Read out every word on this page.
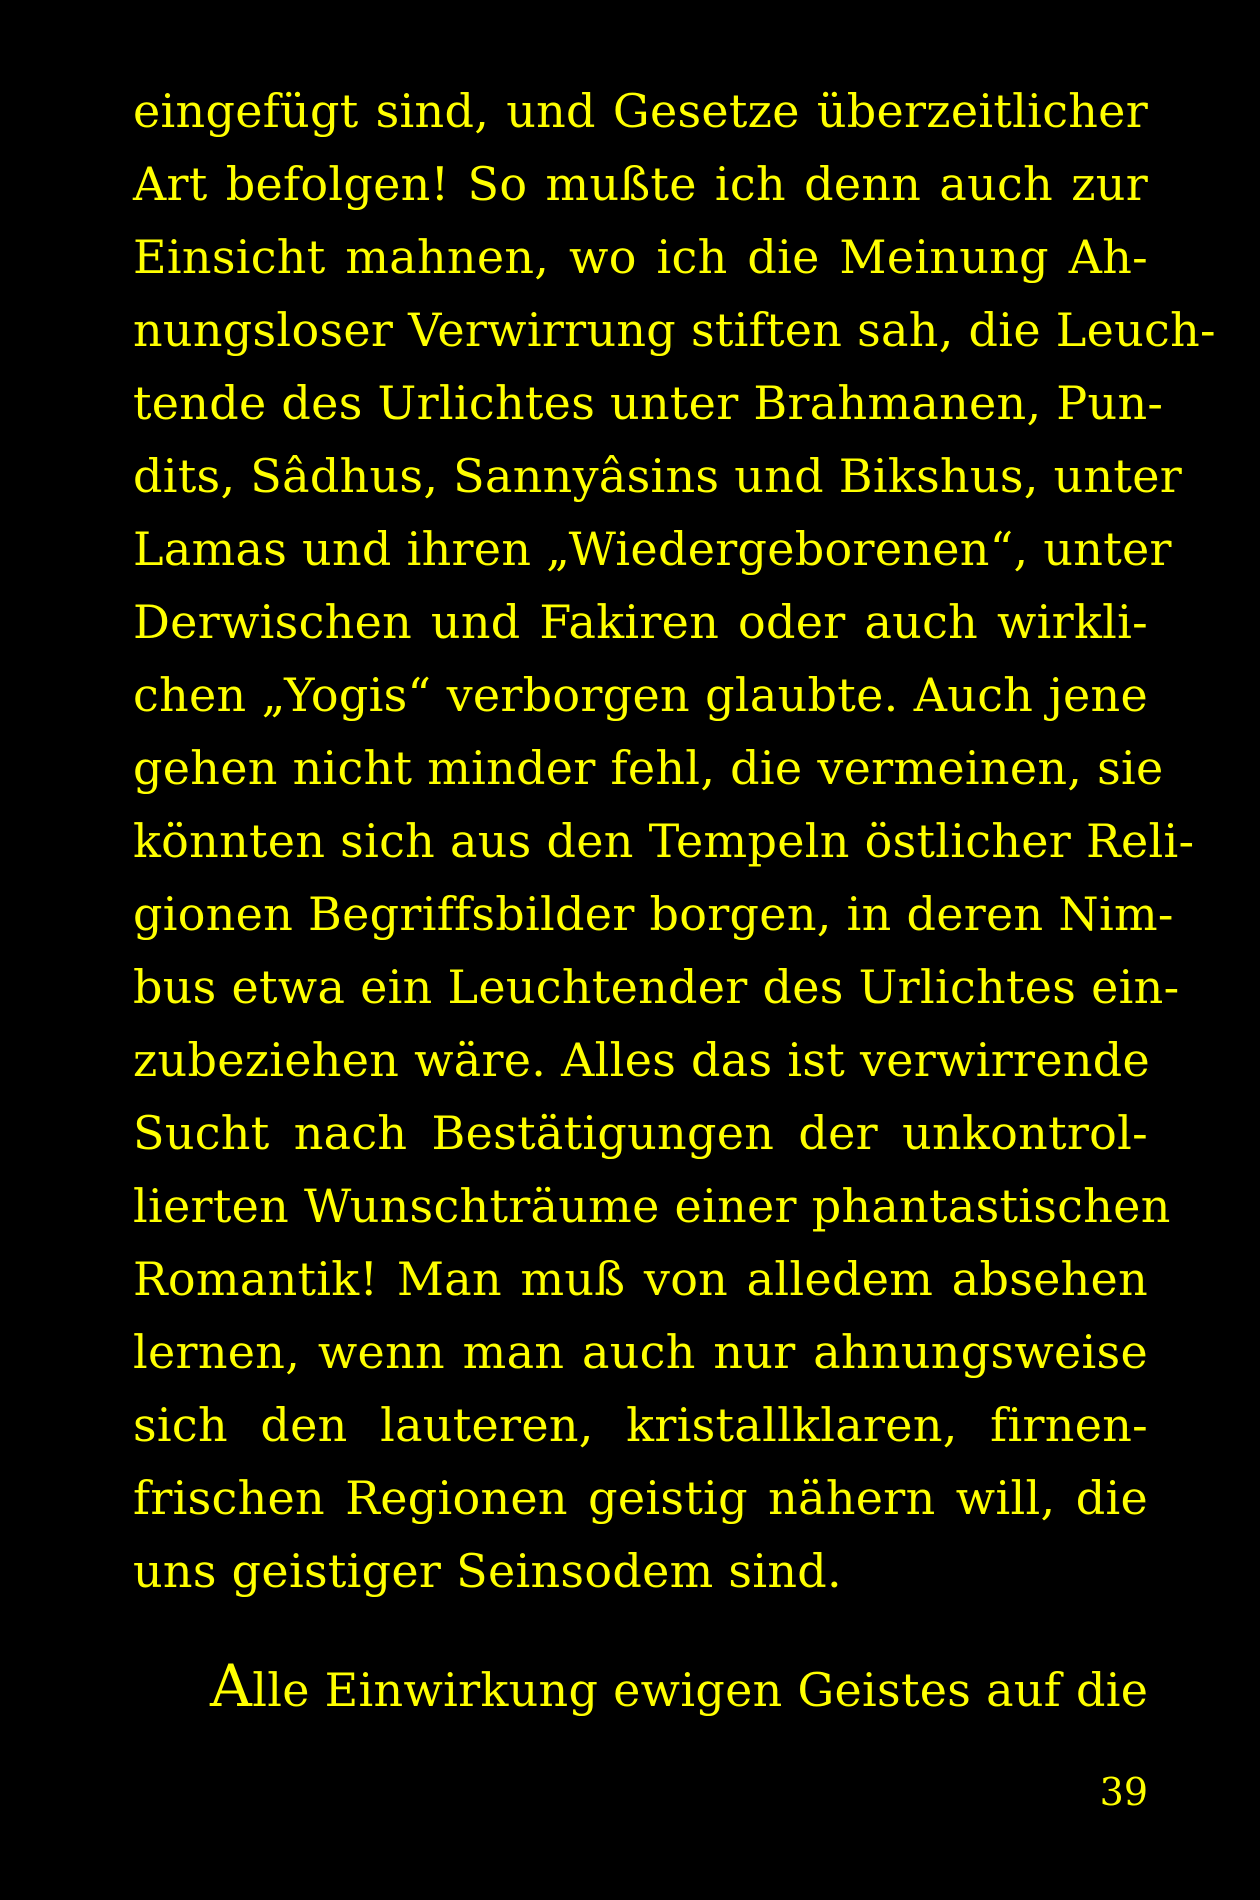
eingefügt sind, und Gesetze überzeitlicher
Art befolgen! So mußte ich denn auch zur
Einsicht mahnen, wo ich die Meinung Ah-
nungsloser Verwirrung stiften sah, die Leuch-
tende des Urlichtes unter Brahmanen, Pun-
dits, Sâdhus, Sannyâsins und Bikshus, unter
Lamas und ihren „Wiedergeborenen“, unter
Derwischen und Fakiren oder auch wirkli-
chen „Yogis“ verborgen glaubte. Auch jene
gehen nicht minder fehl, die vermeinen, sie
könnten sich aus den Tempeln östlicher Reli-
gionen Begriffsbilder borgen, in deren Nim-
bus etwa ein Leuchtender des Urlichtes ein-
zubeziehen wäre. Alles das ist verwirrende
Sucht nach Bestätigungen der unkontrol-
lierten Wunschträume einer phantastischen
Romantik! Man muß von alledem absehen
lernen, wenn man auch nur ahnungsweise
sich den lauteren, kristallklaren, firnen-
frischen Regionen geistig nähern will, die
uns geistiger Seinsodem sind.
Alle Einwirkung ewigen Geistes auf die
39
